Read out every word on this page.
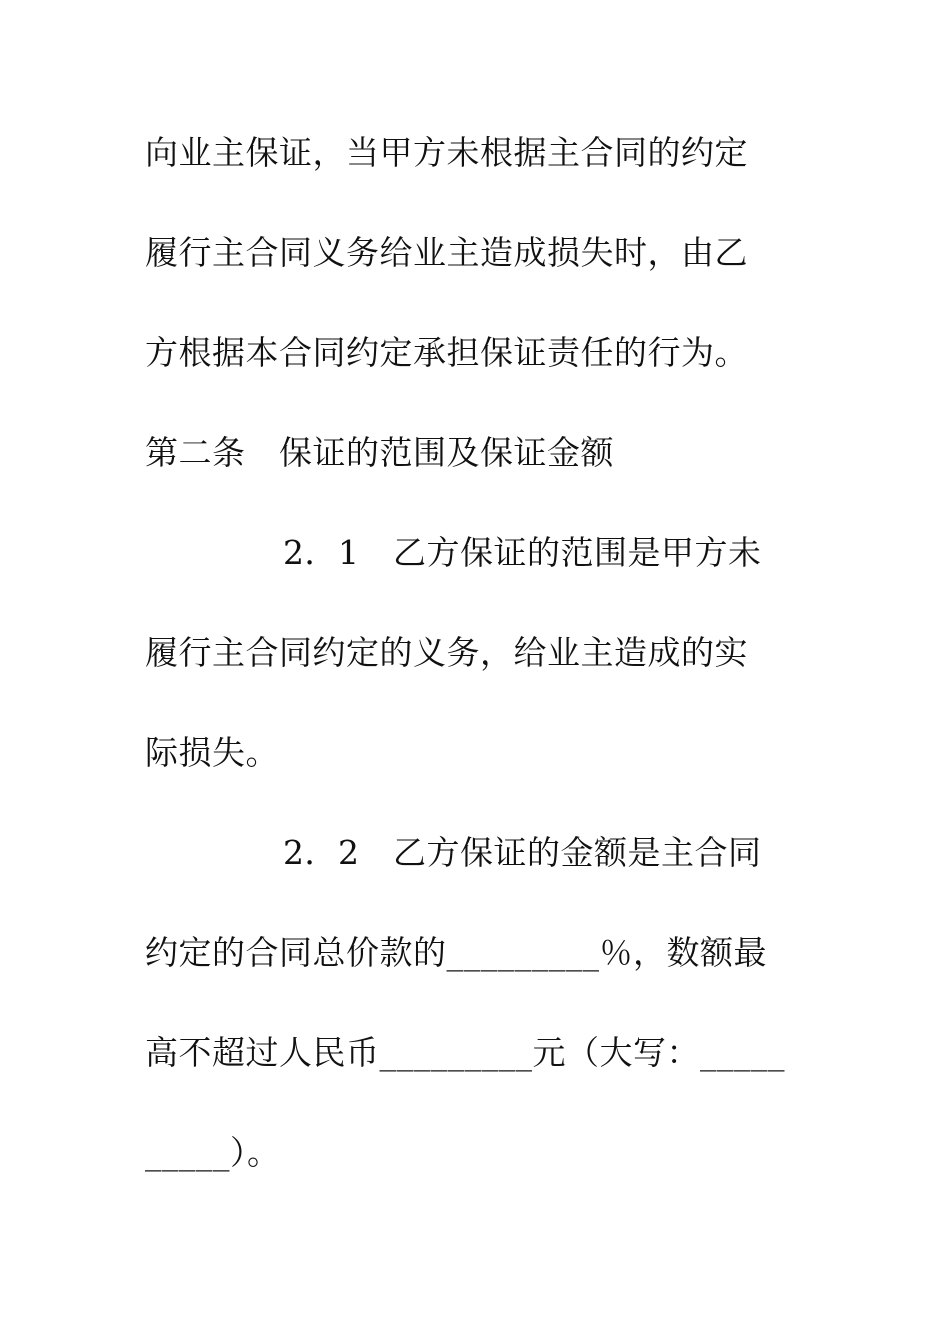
向业主保证，当甲方未根据主合同的约定
履行主合同义务给业主造成损失时，由乙
方根据本合同约定承担保证责任的行为。
第二条　保证的范围及保证金额
2．1　乙方保证的范围是甲方未
履行主合同约定的义务，给业主造成的实
际损失。
2．2　乙方保证的金额是主合同
约定的合同总价款的_________％，数额最
高不超过人民币_________元（大写：_____
_____）。
